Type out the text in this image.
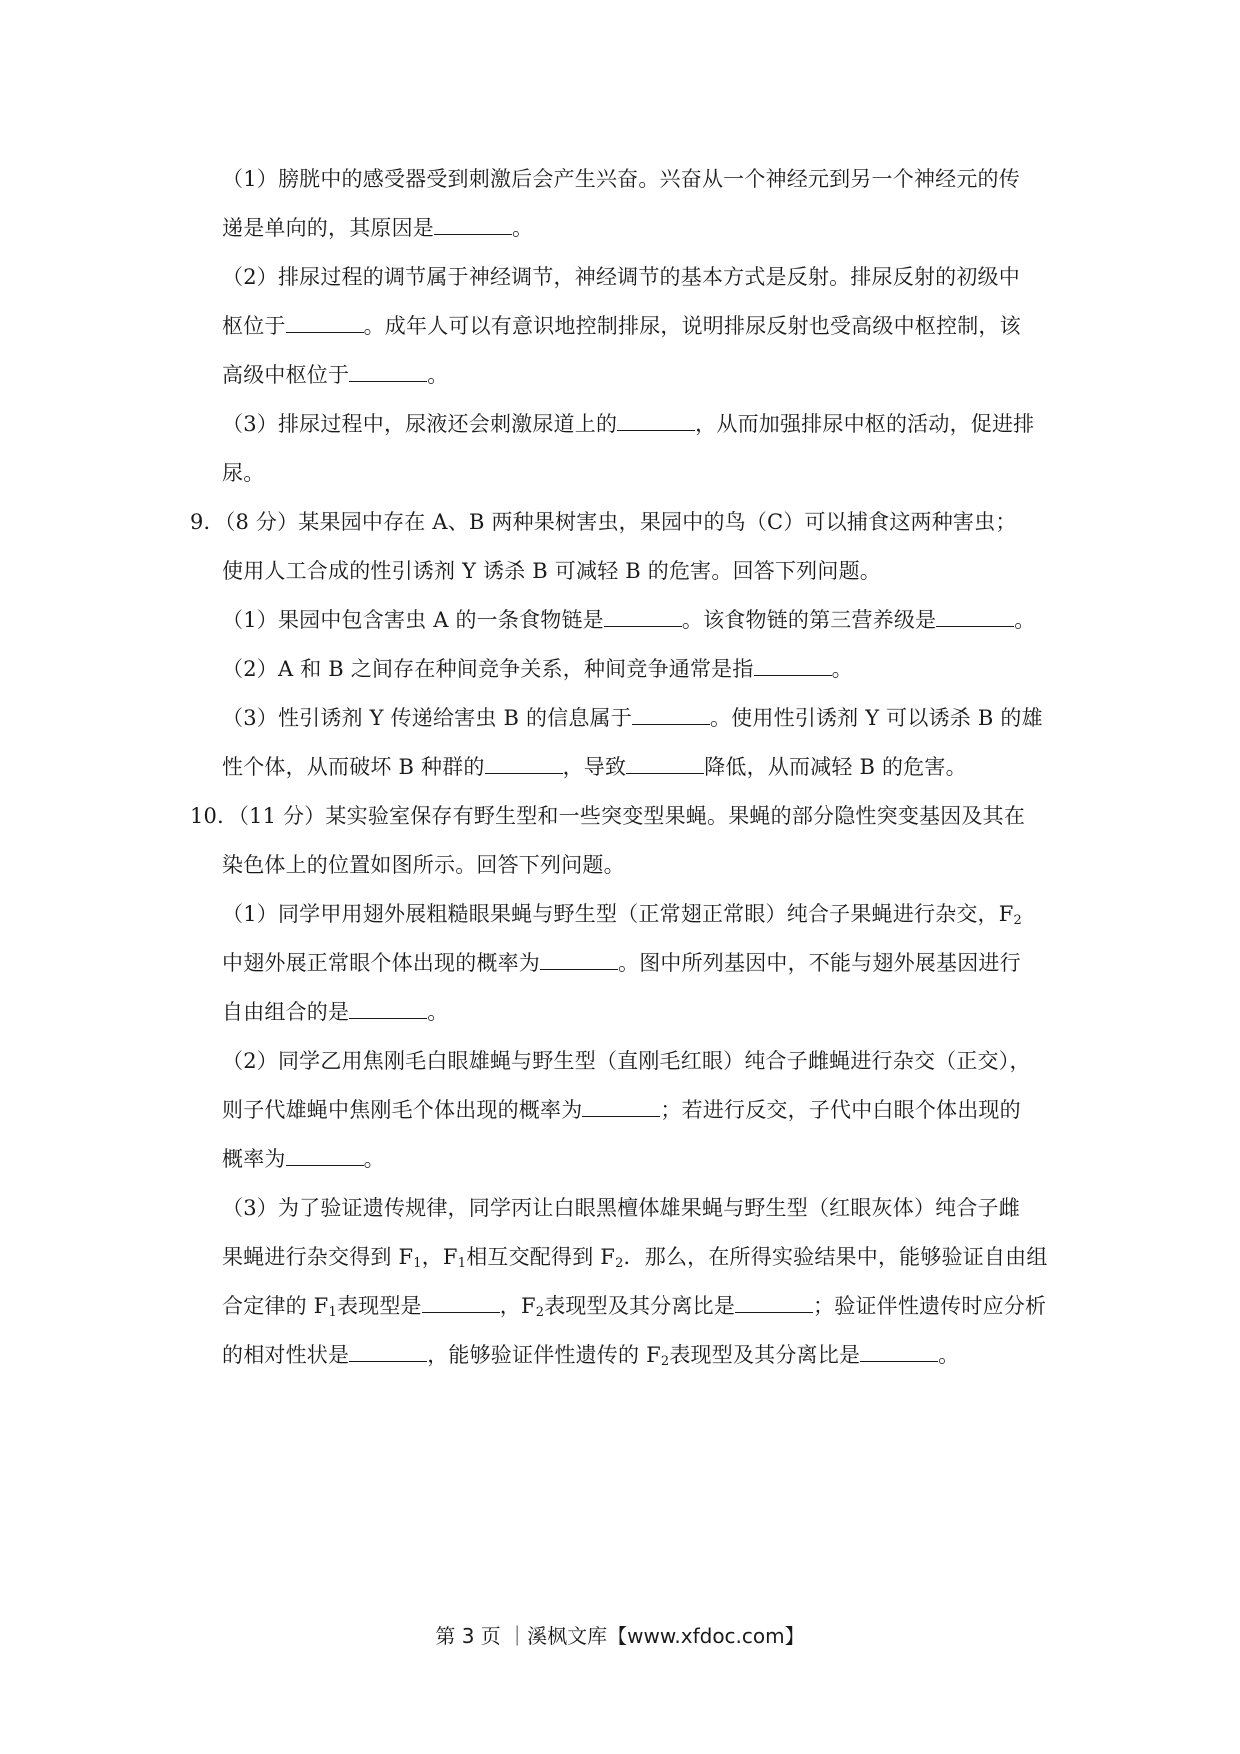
（1）膀胱中的感受器受到刺激后会产生兴奋。兴奋从一个神经元到另一个神经元的传
递是单向的，其原因是	。
（2）排尿过程的调节属于神经调节，神经调节的基本方式是反射。排尿反射的初级中
枢位于	。成年人可以有意识地控制排尿，说明排尿反射也受高级中枢控制，该
高级中枢位于	。
（3）排尿过程中，尿液还会刺激尿道上的	，从而加强排尿中枢的活动，促进排
尿。
9．（8 分）某果园中存在 A、B 两种果树害虫，果园中的鸟（C）可以捕食这两种害虫；
使用人工合成的性引诱剂 Y 诱杀 B 可减轻 B 的危害。回答下列问题。
（1）果园中包含害虫 A 的一条食物链是	。该食物链的第三营养级是	。
（2）A 和 B 之间存在种间竞争关系，种间竞争通常是指	。
（3）性引诱剂 Y 传递给害虫 B 的信息属于	。使用性引诱剂 Y 可以诱杀 B 的雄
性个体，从而破坏 B 种群的	，导致	降低，从而减轻 B 的危害。
10．（11 分）某实验室保存有野生型和一些突变型果蝇。果蝇的部分隐性突变基因及其在
染色体上的位置如图所示。回答下列问题。
（1）同学甲用翅外展粗糙眼果蝇与野生型（正常翅正常眼）纯合子果蝇进行杂交，$F_2$
中翅外展正常眼个体出现的概率为	。图中所列基因中，不能与翅外展基因进行
自由组合的是	。
（2）同学乙用焦刚毛白眼雄蝇与野生型（直刚毛红眼）纯合子雌蝇进行杂交（正交），
则子代雄蝇中焦刚毛个体出现的概率为	；若进行反交，子代中白眼个体出现的
概率为	。
（3）为了验证遗传规律，同学丙让白眼黑檀体雄果蝇与野生型（红眼灰体）纯合子雌
果蝇进行杂交得到 $F_1$，$F_1$相互交配得到 $F_2$．那么，在所得实验结果中，能够验证自由组
合定律的 $F_1$表现型是	，$F_2$表现型及其分离比是	；验证伴性遗传时应分析
的相对性状是	，能够验证伴性遗传的 $F_2$表现型及其分离比是	。
第 3 页 ｜溪枫文库【www.xfdoc.com】
